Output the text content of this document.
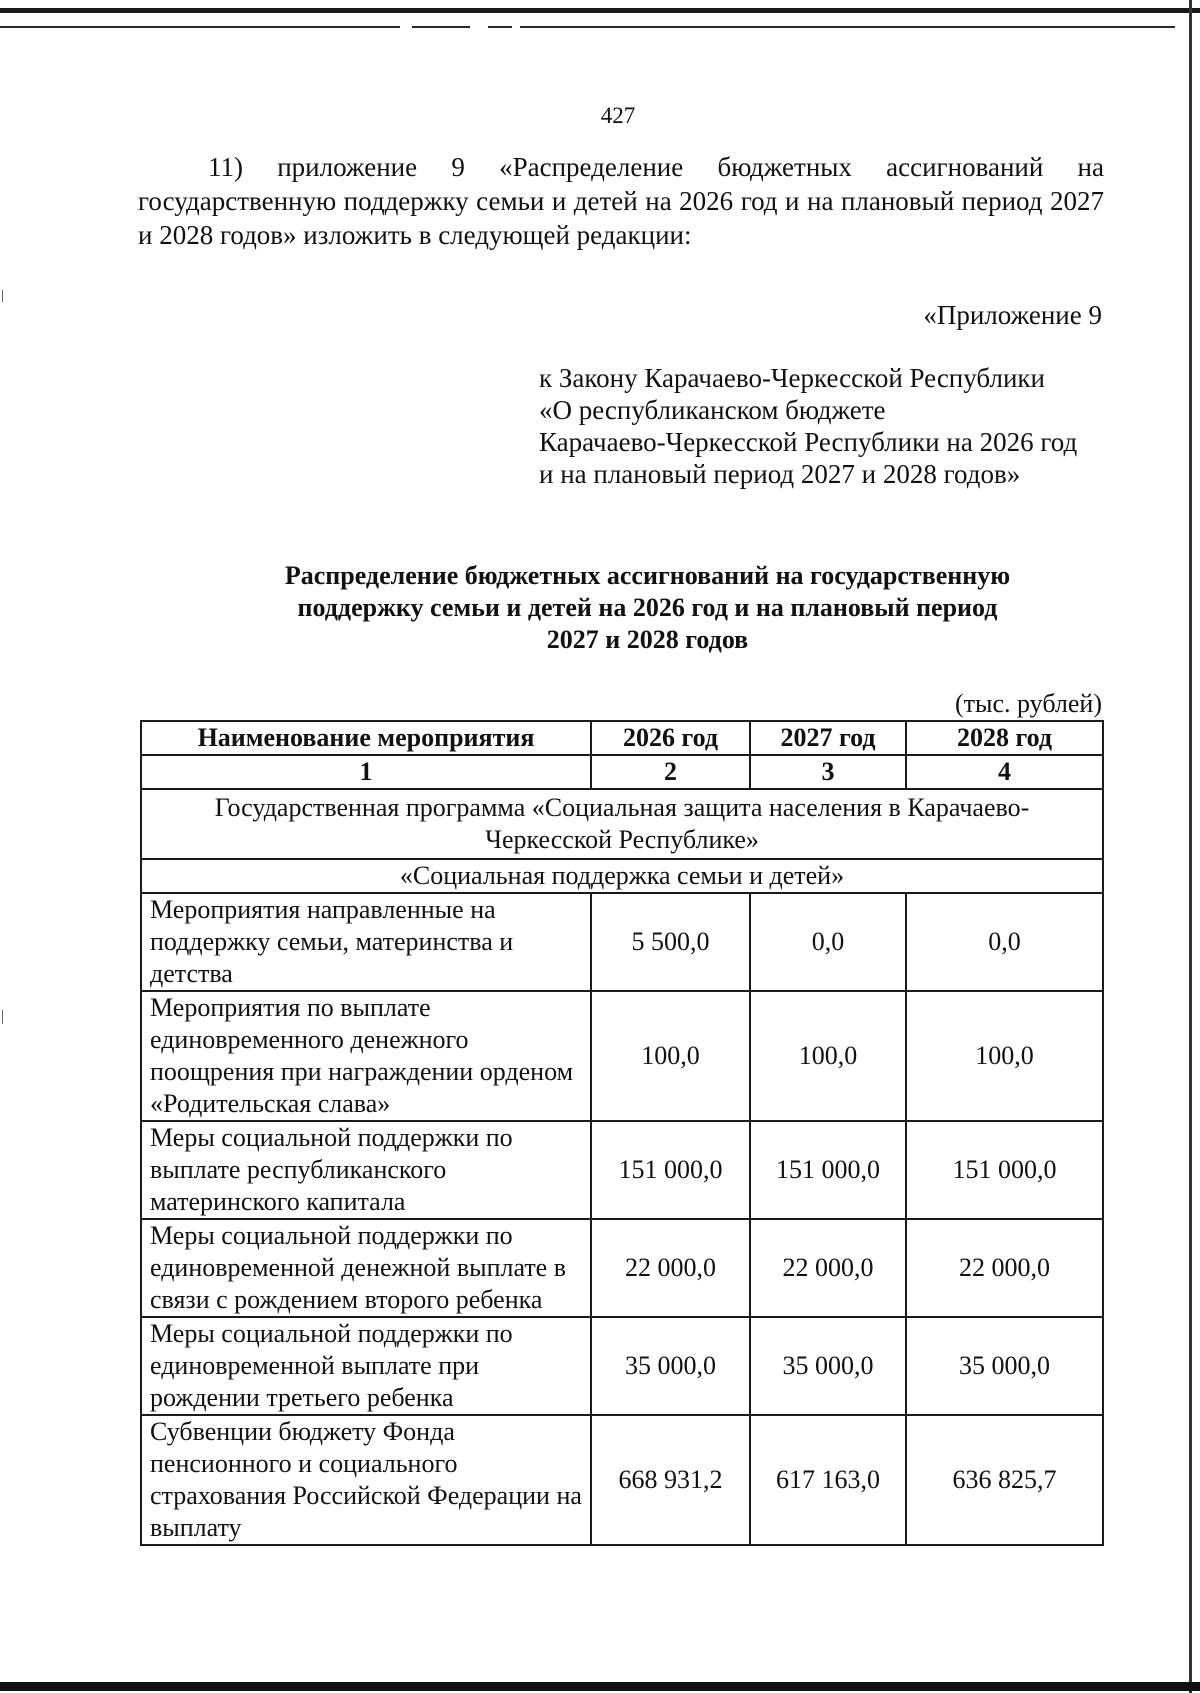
427
11) приложение 9 «Распределение бюджетных ассигнований на государственную поддержку семьи и детей на 2026 год и на плановый период 2027 и 2028 годов» изложить в следующей редакции:
«Приложение 9
к Закону Карачаево-Черкесской Республики
«О республиканском бюджете
Карачаево-Черкесской Республики на 2026 год
и на плановый период 2027 и 2028 годов»
Распределение бюджетных ассигнований на государственную
поддержку семьи и детей на 2026 год и на плановый период
2027 и 2028 годов
(тыс. рублей)
Наименование мероприятия	2026 год	2027 год	2028 год
1	2	3	4
Государственная программа «Социальная защита населения в Карачаево-Черкесской Республике»			
«Социальная поддержка семьи и детей»			
Мероприятия направленные на поддержку семьи, материнства и детства	5 500,0	0,0	0,0
Мероприятия по выплате единовременного денежного поощрения при награждении орденом «Родительская слава»	100,0	100,0	100,0
Меры социальной поддержки по выплате республиканского материнского капитала	151 000,0	151 000,0	151 000,0
Меры социальной поддержки по единовременной денежной выплате в связи с рождением второго ребенка	22 000,0	22 000,0	22 000,0
Меры социальной поддержки по единовременной выплате при рождении третьего ребенка	35 000,0	35 000,0	35 000,0
Субвенции бюджету Фонда пенсионного и социального страхования Российской Федерации на выплату	668 931,2	617 163,0	636 825,7
